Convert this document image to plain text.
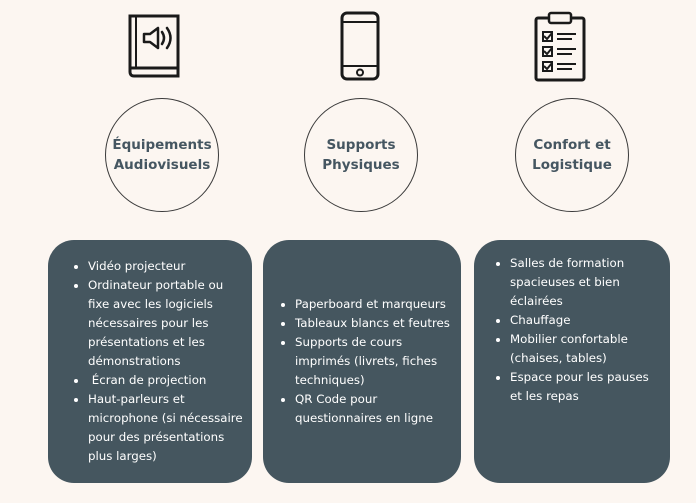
Équipements
Audiovisuels
• Vidéo projecteur
• Ordinateur portable ou fixe avec les logiciels nécessaires pour les présentations et les démonstrations
•  Écran de projection
• Haut-parleurs et microphone (si nécessaire pour des présentations plus larges)
Supports
Physiques
• Paperboard et marqueurs
• Tableaux blancs et feutres
• Supports de cours imprimés (livrets, fiches techniques)
• QR Code pour questionnaires en ligne
Confort et
Logistique
• Salles de formation spacieuses et bien éclairées
• Chauffage
• Mobilier confortable (chaises, tables)
• Espace pour les pauses et les repas
